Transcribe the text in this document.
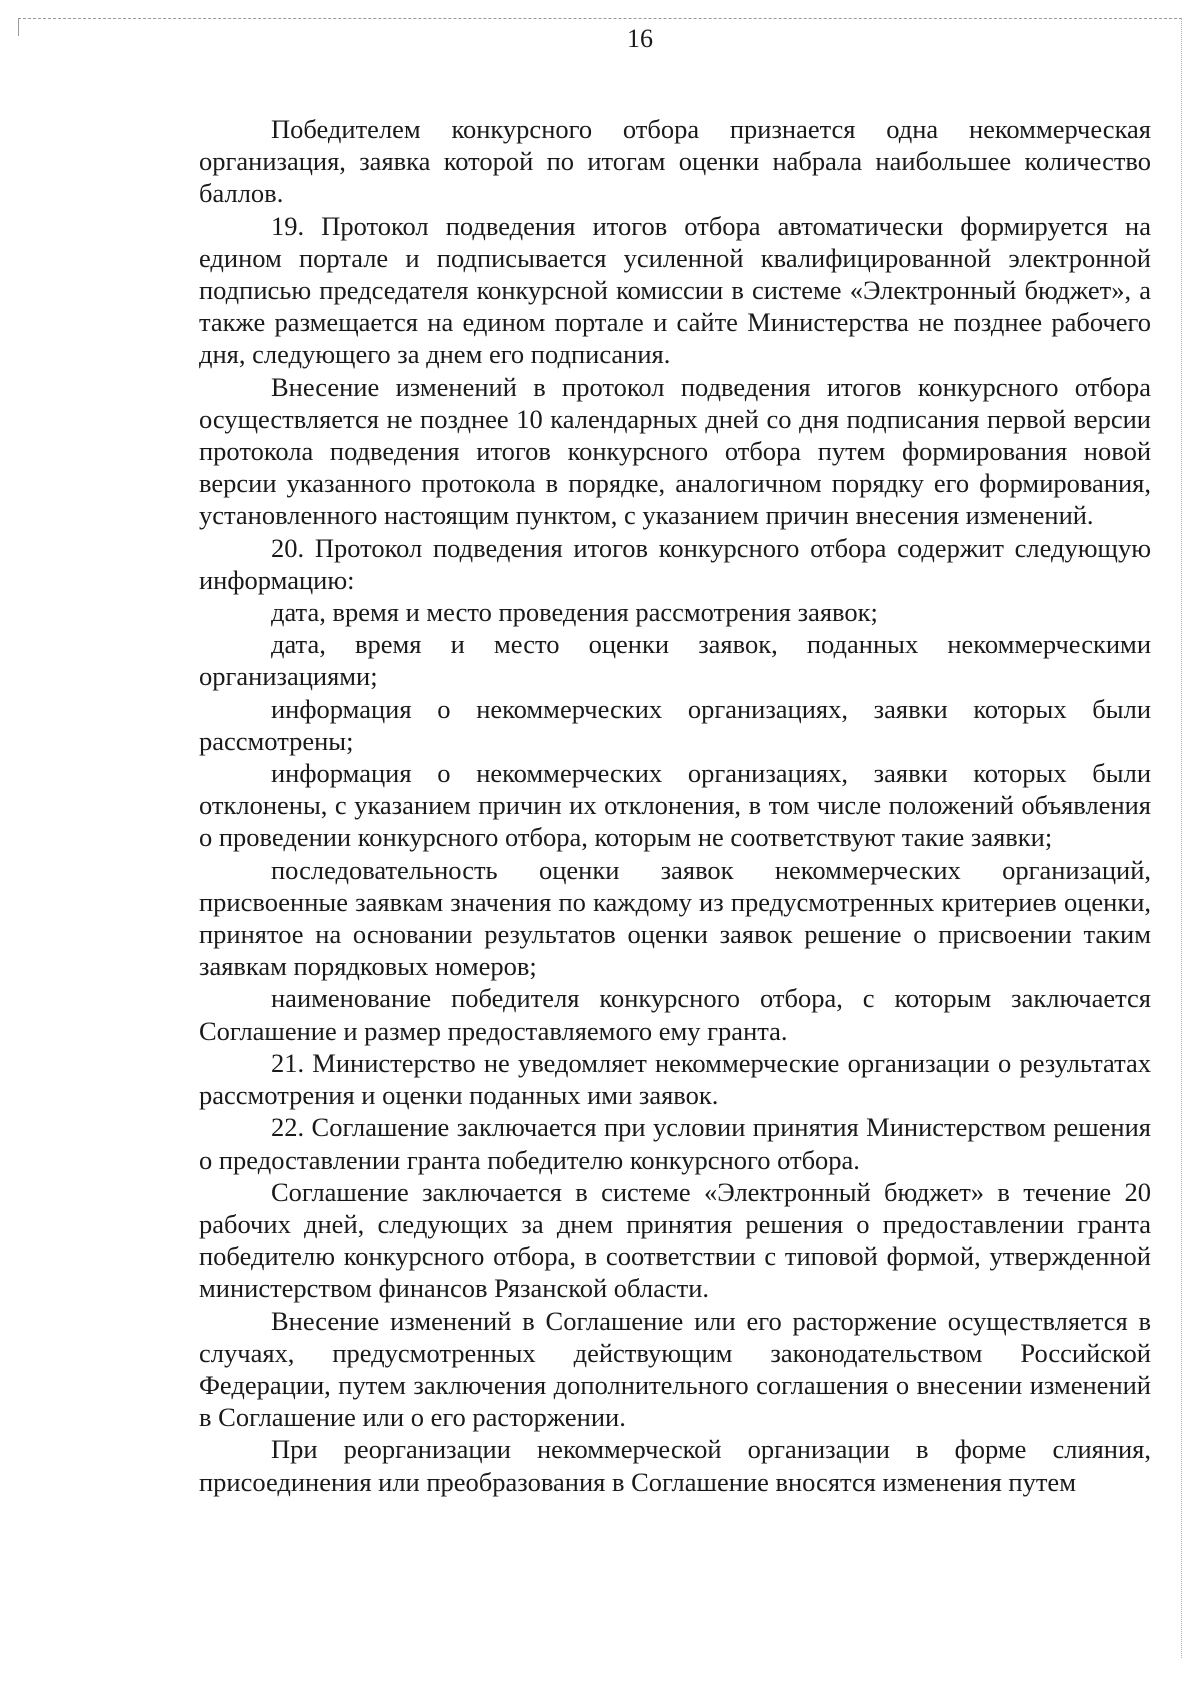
16

Победителем конкурсного отбора признается одна некоммерческая организация, заявка которой по итогам оценки набрала наибольшее количество баллов.

19. Протокол подведения итогов отбора автоматически формируется на едином портале и подписывается усиленной квалифицированной электронной подписью председателя конкурсной комиссии в системе «Электронный бюджет», а также размещается на едином портале и сайте Министерства не позднее рабочего дня, следующего за днем его подписания.

Внесение изменений в протокол подведения итогов конкурсного отбора осуществляется не позднее 10 календарных дней со дня подписания первой версии протокола подведения итогов конкурсного отбора путем формирования новой версии указанного протокола в порядке, аналогичном порядку его формирования, установленного настоящим пунктом, с указанием причин внесения изменений.

20. Протокол подведения итогов конкурсного отбора содержит следующую информацию:

дата, время и место проведения рассмотрения заявок;

дата, время и место оценки заявок, поданных некоммерческими организациями;

информация о некоммерческих организациях, заявки которых были рассмотрены;

информация о некоммерческих организациях, заявки которых были отклонены, с указанием причин их отклонения, в том числе положений объявления о проведении конкурсного отбора, которым не соответствуют такие заявки;

последовательность оценки заявок некоммерческих организаций, присвоенные заявкам значения по каждому из предусмотренных критериев оценки, принятое на основании результатов оценки заявок решение о присвоении таким заявкам порядковых номеров;

наименование победителя конкурсного отбора, с которым заключается Соглашение и размер предоставляемого ему гранта.

21. Министерство не уведомляет некоммерческие организации о результатах рассмотрения и оценки поданных ими заявок.

22. Соглашение заключается при условии принятия Министерством решения о предоставлении гранта победителю конкурсного отбора.

Соглашение заключается в системе «Электронный бюджет» в течение 20 рабочих дней, следующих за днем принятия решения о предоставлении гранта победителю конкурсного отбора, в соответствии с типовой формой, утвержденной министерством финансов Рязанской области.

Внесение изменений в Соглашение или его расторжение осуществляется в случаях, предусмотренных действующим законодательством Российской Федерации, путем заключения дополнительного соглашения о внесении изменений в Соглашение или о его расторжении.

При реорганизации некоммерческой организации в форме слияния, присоединения или преобразования в Соглашение вносятся изменения путем
